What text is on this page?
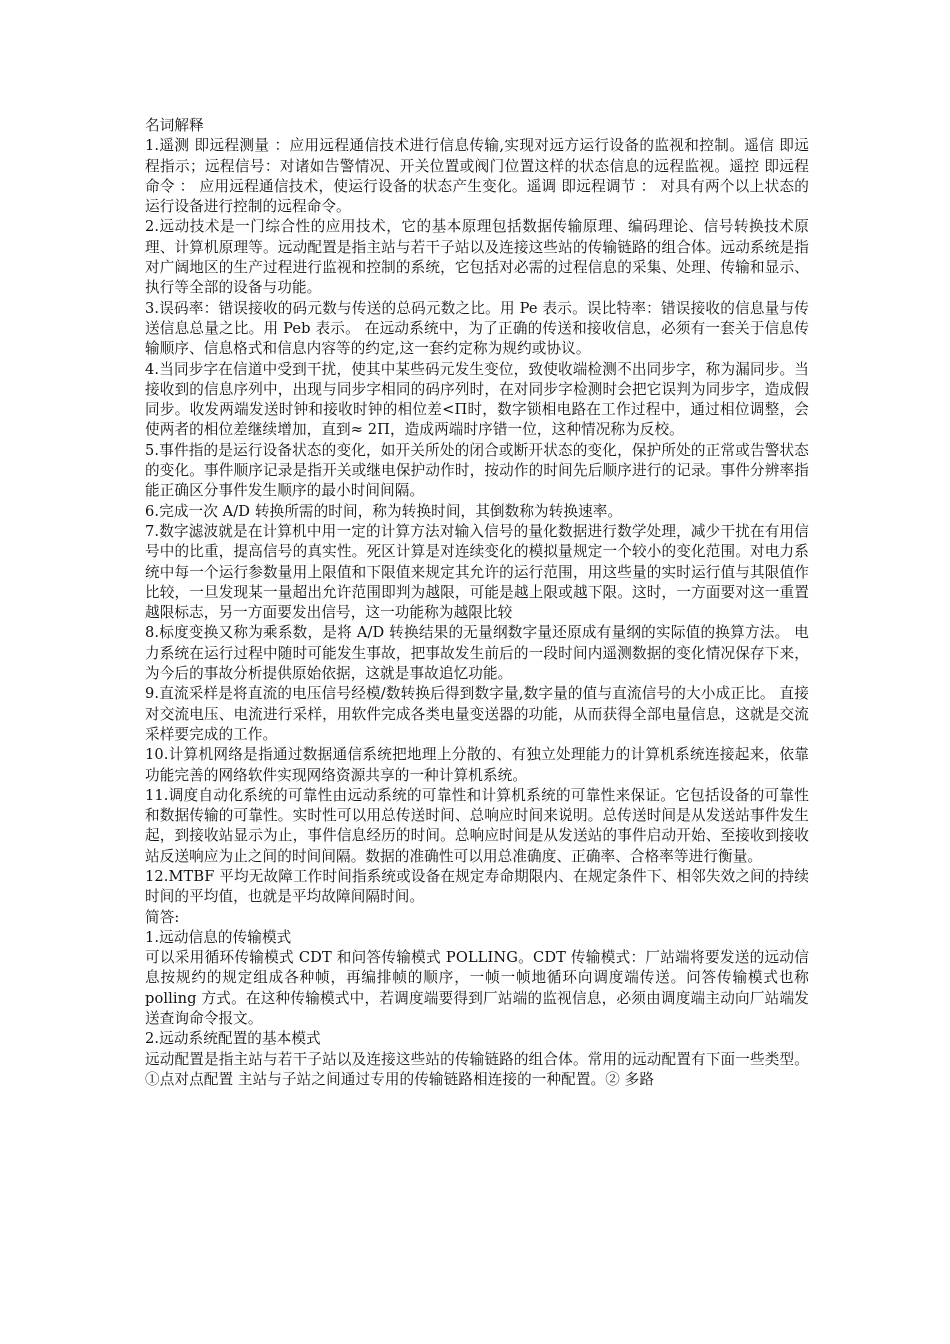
名词解释

1.遥测 即远程测量 ：应用远程通信技术进行信息传输,实现对远方运行设备的监视和控制。遥信 即远程指示；远程信号：对诸如告警情况、开关位置或阀门位置这样的状态信息的远程监视。遥控 即远程命令 ： 应用远程通信技术，使运行设备的状态产生变化。遥调 即远程调节 ： 对具有两个以上状态的运行设备进行控制的远程命令。

2.远动技术是一门综合性的应用技术，它的基本原理包括数据传输原理、编码理论、信号转换技术原理、计算机原理等。远动配置是指主站与若干子站以及连接这些站的传输链路的组合体。远动系统是指对广阔地区的生产过程进行监视和控制的系统，它包括对必需的过程信息的采集、处理、传输和显示、执行等全部的设备与功能。

3.误码率：错误接收的码元数与传送的总码元数之比。用 Pe 表示。误比特率：错误接收的信息量与传送信息总量之比。用 Peb 表示。 在远动系统中，为了正确的传送和接收信息，必须有一套关于信息传输顺序、信息格式和信息内容等的约定,这一套约定称为规约或协议。

4.当同步字在信道中受到干扰，使其中某些码元发生变位，致使收端检测不出同步字，称为漏同步。当接收到的信息序列中，出现与同步字相同的码序列时，在对同步字检测时会把它误判为同步字，造成假同步。收发两端发送时钟和接收时钟的相位差<Π时，数字锁相电路在工作过程中，通过相位调整，会使两者的相位差继续增加，直到≈ 2Π，造成两端时序错一位，这种情况称为反校。

5.事件指的是运行设备状态的变化，如开关所处的闭合或断开状态的变化，保护所处的正常或告警状态的变化。事件顺序记录是指开关或继电保护动作时，按动作的时间先后顺序进行的记录。事件分辨率指能正确区分事件发生顺序的最小时间间隔。

6.完成一次 A/D 转换所需的时间，称为转换时间，其倒数称为转换速率。

7.数字滤波就是在计算机中用一定的计算方法对输入信号的量化数据进行数学处理，减少干扰在有用信号中的比重，提高信号的真实性。死区计算是对连续变化的模拟量规定一个较小的变化范围。对电力系统中每一个运行参数量用上限值和下限值来规定其允许的运行范围，用这些量的实时运行值与其限值作比较，一旦发现某一量超出允许范围即判为越限，可能是越上限或越下限。这时，一方面要对这一重置越限标志，另一方面要发出信号，这一功能称为越限比较

8.标度变换又称为乘系数，是将 A/D 转换结果的无量纲数字量还原成有量纲的实际值的换算方法。 电力系统在运行过程中随时可能发生事故，把事故发生前后的一段时间内遥测数据的变化情况保存下来，为今后的事故分析提供原始依据，这就是事故追忆功能。

9.直流采样是将直流的电压信号经模/数转换后得到数字量,数字量的值与直流信号的大小成正比。 直接对交流电压、电流进行采样，用软件完成各类电量变送器的功能，从而获得全部电量信息，这就是交流采样要完成的工作。

10.计算机网络是指通过数据通信系统把地理上分散的、有独立处理能力的计算机系统连接起来，依靠功能完善的网络软件实现网络资源共享的一种计算机系统。

11.调度自动化系统的可靠性由远动系统的可靠性和计算机系统的可靠性来保证。它包括设备的可靠性和数据传输的可靠性。实时性可以用总传送时间、总响应时间来说明。总传送时间是从发送站事件发生起，到接收站显示为止，事件信息经历的时间。总响应时间是从发送站的事件启动开始、至接收到接收站反送响应为止之间的时间间隔。数据的准确性可以用总准确度、正确率、合格率等进行衡量。

12.MTBF 平均无故障工作时间指系统或设备在规定寿命期限内、在规定条件下、相邻失效之间的持续时间的平均值，也就是平均故障间隔时间。

简答:

1.远动信息的传输模式

可以采用循环传输模式 CDT 和问答传输模式 POLLING。CDT 传输模式：厂站端将要发送的远动信息按规约的规定组成各种帧，再编排帧的顺序，一帧一帧地循环向调度端传送。问答传输模式也称 polling 方式。在这种传输模式中，若调度端要得到厂站端的监视信息，必须由调度端主动向厂站端发送查询命令报文。

2.远动系统配置的基本模式

远动配置是指主站与若干子站以及连接这些站的传输链路的组合体。常用的远动配置有下面一些类型。①点对点配置 主站与子站之间通过专用的传输链路相连接的一种配置。② 多路
